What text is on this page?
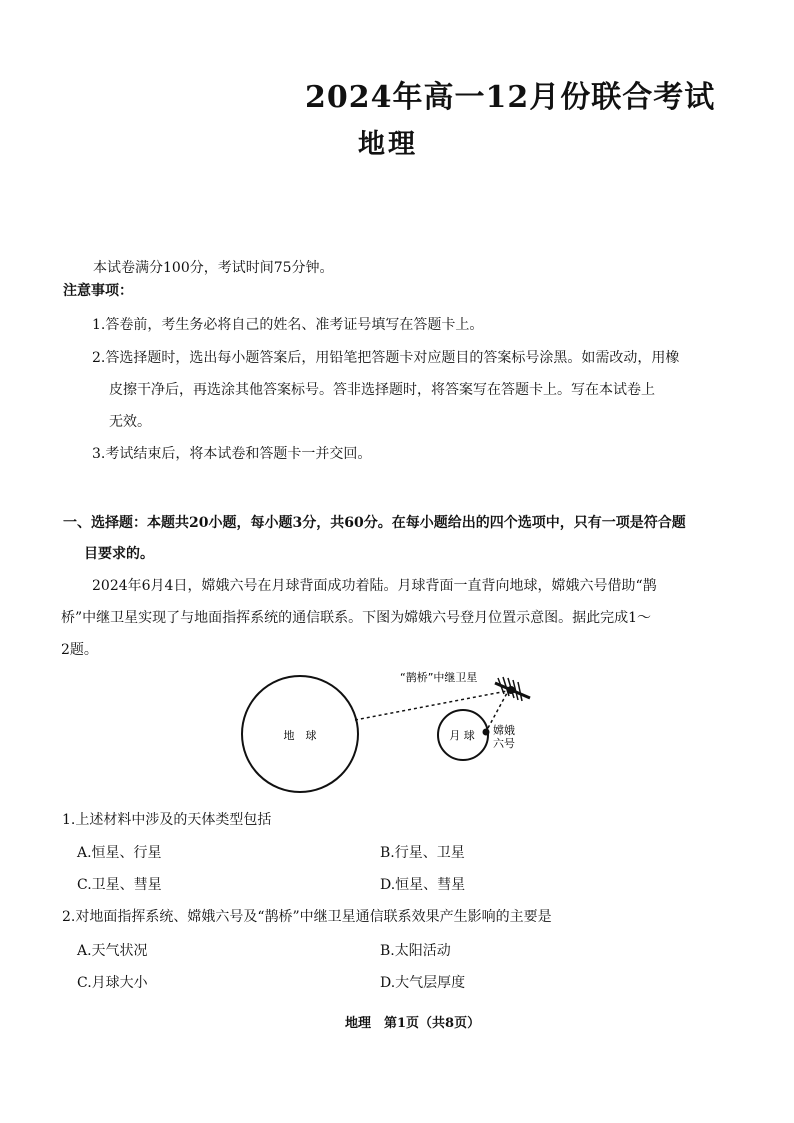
2024年高一12月份联合考试
地理
本试卷满分100分，考试时间75分钟。
注意事项：
1.答卷前，考生务必将自己的姓名、准考证号填写在答题卡上。
2.答选择题时，选出每小题答案后，用铅笔把答题卡对应题目的答案标号涂黑。如需改动，用橡
皮擦干净后，再选涂其他答案标号。答非选择题时，将答案写在答题卡上。写在本试卷上
无效。
3.考试结束后，将本试卷和答题卡一并交回。
一、选择题：本题共20小题，每小题3分，共60分。在每小题给出的四个选项中，只有一项是符合题
目要求的。
2024年6月4日，嫦娥六号在月球背面成功着陆。月球背面一直背向地球，嫦娥六号借助“鹊
桥”中继卫星实现了与地面指挥系统的通信联系。下图为嫦娥六号登月位置示意图。据此完成1～
2题。
地　球	月 球
“鹊桥”中继卫星
嫦娥
六号
1.上述材料中涉及的天体类型包括
A.恒星、行星	B.行星、卫星
C.卫星、彗星	D.恒星、彗星
2.对地面指挥系统、嫦娥六号及“鹊桥”中继卫星通信联系效果产生影响的主要是
A.天气状况	B.太阳活动
C.月球大小	D.大气层厚度
地理　第1页（共8页）
